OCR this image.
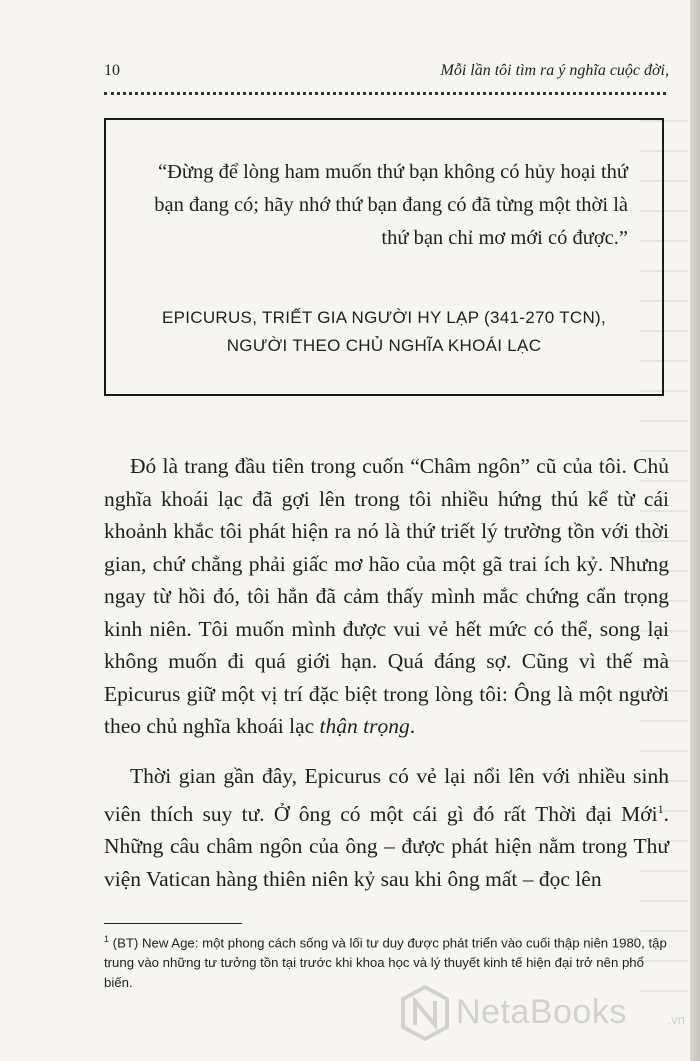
10	Mỗi lần tôi tìm ra ý nghĩa cuộc đời,
“Đừng để lòng ham muốn thứ bạn không có hủy hoại thứ
bạn đang có; hãy nhớ thứ bạn đang có đã từng một thời là
thứ bạn chỉ mơ mới có được.”
EPICURUS, TRIẾT GIA NGƯỜI HY LẠP (341-270 TCN),
NGƯỜI THEO CHỦ NGHĨA KHOÁI LẠC

Đó là trang đầu tiên trong cuốn “Châm ngôn” cũ của tôi. Chủ nghĩa khoái lạc đã gợi lên trong tôi nhiều hứng thú kể từ cái khoảnh khắc tôi phát hiện ra nó là thứ triết lý trường tồn với thời gian, chứ chẳng phải giấc mơ hão của một gã trai ích kỷ. Nhưng ngay từ hồi đó, tôi hẳn đã cảm thấy mình mắc chứng cẩn trọng kinh niên. Tôi muốn mình được vui vẻ hết mức có thể, song lại không muốn đi quá giới hạn. Quá đáng sợ. Cũng vì thế mà Epicurus giữ một vị trí đặc biệt trong lòng tôi: Ông là một người theo chủ nghĩa khoái lạc thận trọng.

Thời gian gần đây, Epicurus có vẻ lại nổi lên với nhiều sinh viên thích suy tư. Ở ông có một cái gì đó rất Thời đại Mới$^1$. Những câu châm ngôn của ông – được phát hiện nằm trong Thư viện Vatican hàng thiên niên kỷ sau khi ông mất – đọc lên

$^1$ (BT) New Age: một phong cách sống và lối tư duy được phát triển vào cuối thập niên 1980, tập trung vào những tư tưởng tồn tại trước khi khoa học và lý thuyết kinh tế hiện đại trở nên phổ biến.
NetaBooks	.vn
